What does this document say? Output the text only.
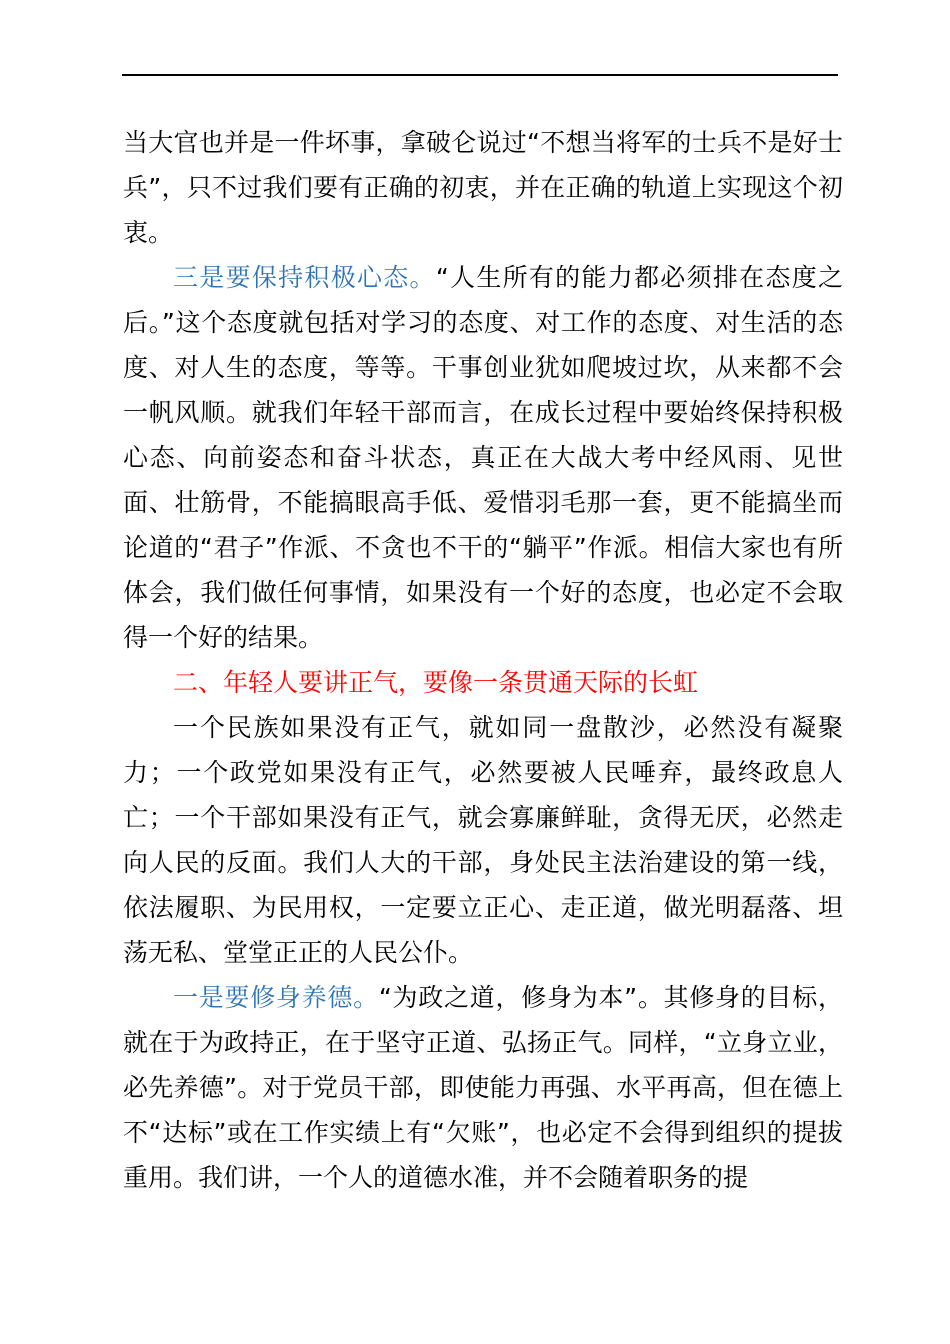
当大官也并是一件坏事，拿破仑说过“不想当将军的士兵不是好士兵”，只不过我们要有正确的初衷，并在正确的轨道上实现这个初衷。

三是要保持积极心态。“人生所有的能力都必须排在态度之后。”这个态度就包括对学习的态度、对工作的态度、对生活的态度、对人生的态度，等等。干事创业犹如爬坡过坎，从来都不会一帆风顺。就我们年轻干部而言，在成长过程中要始终保持积极心态、向前姿态和奋斗状态，真正在大战大考中经风雨、见世面、壮筋骨，不能搞眼高手低、爱惜羽毛那一套，更不能搞坐而论道的“君子”作派、不贪也不干的“躺平”作派。相信大家也有所体会，我们做任何事情，如果没有一个好的态度，也必定不会取得一个好的结果。

二、年轻人要讲正气，要像一条贯通天际的长虹

一个民族如果没有正气，就如同一盘散沙，必然没有凝聚力；一个政党如果没有正气，必然要被人民唾弃，最终政息人亡；一个干部如果没有正气，就会寡廉鲜耻，贪得无厌，必然走向人民的反面。我们人大的干部，身处民主法治建设的第一线，依法履职、为民用权，一定要立正心、走正道，做光明磊落、坦荡无私、堂堂正正的人民公仆。

一是要修身养德。“为政之道，修身为本”。其修身的目标，就在于为政持正，在于坚守正道、弘扬正气。同样，“立身立业，必先养德”。对于党员干部，即使能力再强、水平再高，但在德上不“达标”或在工作实绩上有“欠账”，也必定不会得到组织的提拔重用。我们讲，一个人的道德水准，并不会随着职务的提
